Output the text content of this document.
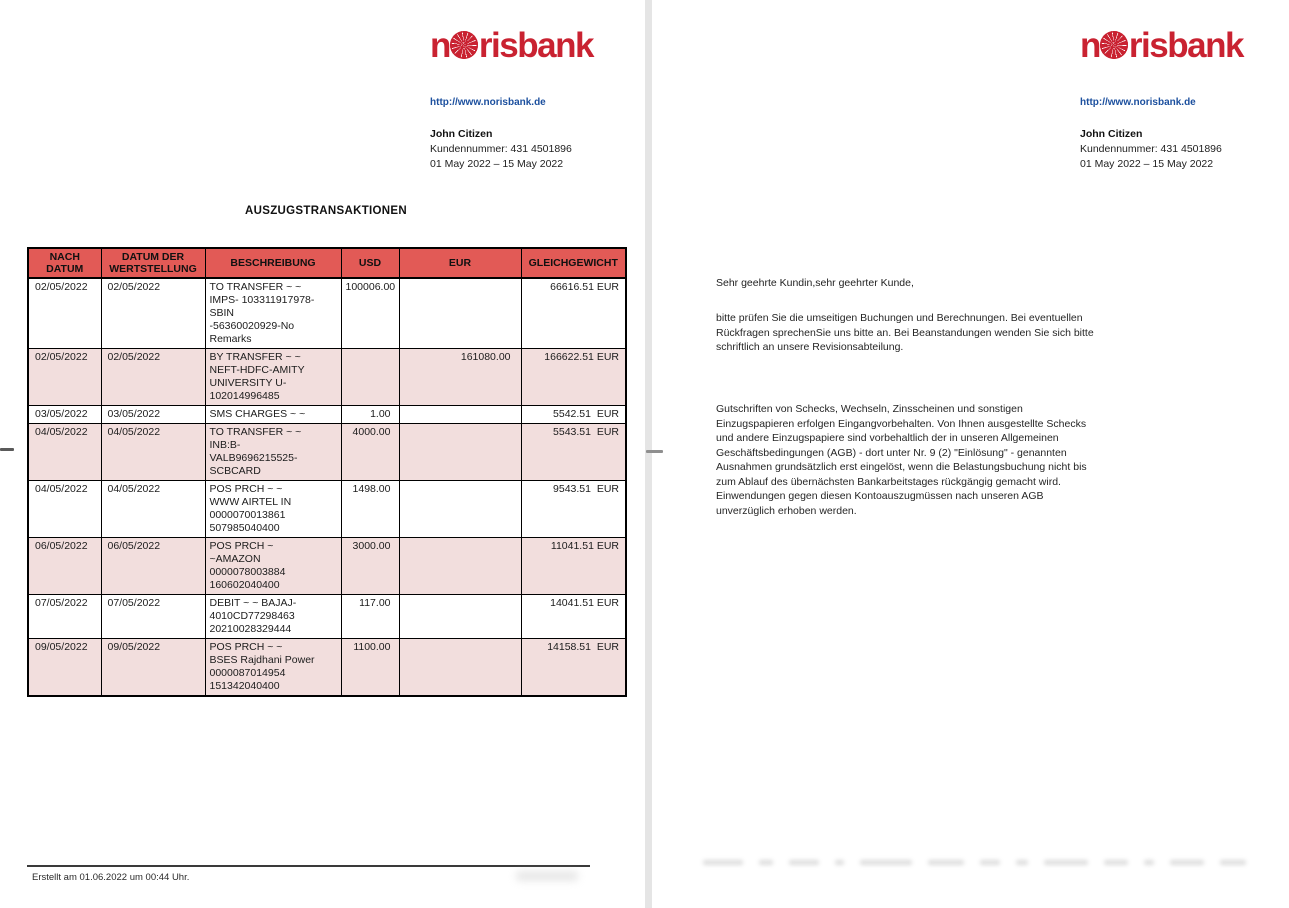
n risbank
http://www.norisbank.de
John Citizen
Kundennummer: 431 4501896
01 May 2022 – 15 May 2022
AUSZUGSTRANSAKTIONEN
NACH DATUM	DATUM DER WERTSTELLUNG	BESCHREIBUNG	USD	EUR	GLEICHGEWICHT
02/05/2022	02/05/2022	TO TRANSFER ~ ~
IMPS- 103311917978-
SBIN
-56360020929-No
Remarks	100006.00		66616.51 EUR
02/05/2022	02/05/2022	BY TRANSFER ~ ~
NEFT-HDFC-AMITY
UNIVERSITY U-
102014996485		161080.00	166622.51 EUR
03/05/2022	03/05/2022	SMS CHARGES ~ ~	1.00		5542.51  EUR
04/05/2022	04/05/2022	TO TRANSFER ~ ~
INB:B-
VALB9696215525-
SCBCARD	4000.00		5543.51  EUR
04/05/2022	04/05/2022	POS PRCH ~ ~
WWW AIRTEL IN
0000070013861
507985040400	1498.00		9543.51  EUR
06/05/2022	06/05/2022	POS PRCH ~
~AMAZON
0000078003884
160602040400	3000.00		11041.51 EUR
07/05/2022	07/05/2022	DEBIT ~ ~ BAJAJ-
4010CD77298463
20210028329444	117.00		14041.51 EUR
09/05/2022	09/05/2022	POS PRCH ~ ~
BSES Rajdhani Power
0000087014954
151342040400	1100.00		14158.51  EUR
Erstellt am 01.06.2022 um 00:44 Uhr.
n risbank
http://www.norisbank.de
John Citizen
Kundennummer: 431 4501896
01 May 2022 – 15 May 2022
Sehr geehrte Kundin,sehr geehrter Kunde,
bitte prüfen Sie die umseitigen Buchungen und Berechnungen. Bei eventuellen
Rückfragen sprechenSie uns bitte an. Bei Beanstandungen wenden Sie sich bitte
schriftlich an unsere Revisionsabteilung.
Gutschriften von Schecks, Wechseln, Zinsscheinen und sonstigen
Einzugspapieren erfolgen Eingangvorbehalten. Von Ihnen ausgestellte Schecks
und andere Einzugspapiere sind vorbehaltlich der in unseren Allgemeinen
Geschäftsbedingungen (AGB) - dort unter Nr. 9 (2) "Einlösung" - genannten
Ausnahmen grundsätzlich erst eingelöst, wenn die Belastungsbuchung nicht bis
zum Ablauf des übernächsten Bankarbeitstages rückgängig gemacht wird.
Einwendungen gegen diesen Kontoauszugmüssen nach unseren AGB
unverzüglich erhoben werden.
